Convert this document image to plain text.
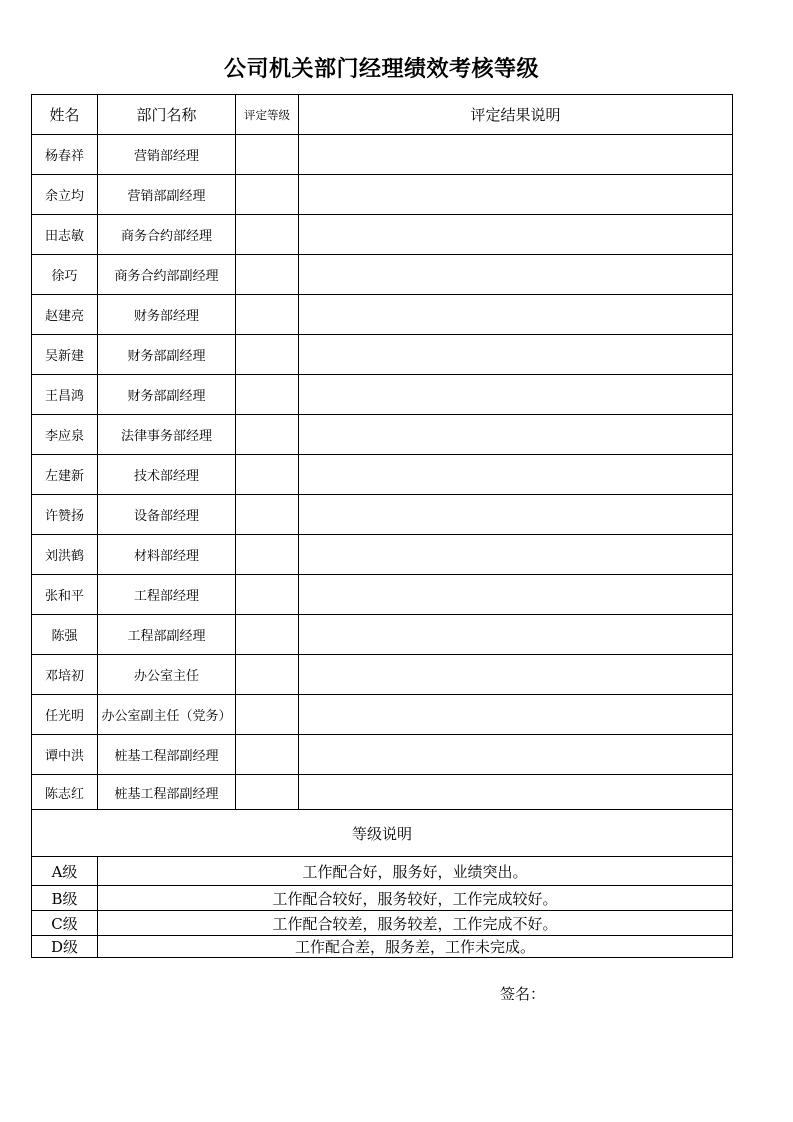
公司机关部门经理绩效考核等级
姓名	部门名称	评定等级	评定结果说明
杨春祥	营销部经理		
余立均	营销部副经理		
田志敏	商务合约部经理		
徐巧	商务合约部副经理		
赵建亮	财务部经理		
吴新建	财务部副经理		
王昌鸿	财务部副经理		
李应泉	法律事务部经理		
左建新	技术部经理		
许赞扬	设备部经理		
刘洪鹤	材料部经理		
张和平	工程部经理		
陈强	工程部副经理		
邓培初	办公室主任		
任光明	办公室副主任（党务）		
谭中洪	桩基工程部副经理		
陈志红	桩基工程部副经理		
等级说明			
A级	工作配合好，服务好，业绩突出。		
B级	工作配合较好，服务较好，工作完成较好。		
C级	工作配合较差，服务较差，工作完成不好。		
D级	工作配合差，服务差，工作未完成。		
签名：
